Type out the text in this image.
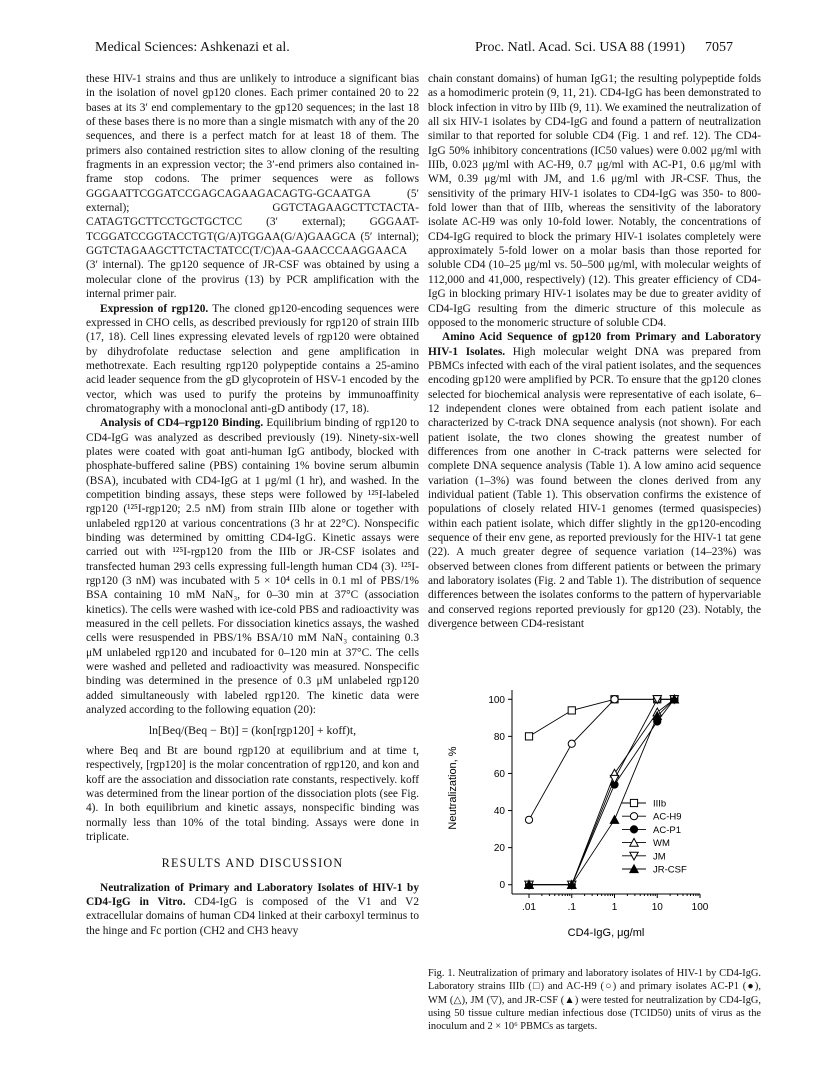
Medical Sciences: Ashkenazi et al.	Proc. Natl. Acad. Sci. USA 88 (1991) 7057

these HIV-1 strains and thus are unlikely to introduce a significant bias in the isolation of novel gp120 clones. Each primer contained 20 to 22 bases at its 3′ end complementary to the gp120 sequences; in the last 18 of these bases there is no more than a single mismatch with any of the 20 sequences, and there is a perfect match for at least 18 of them. The primers also contained restriction sites to allow cloning of the resulting fragments in an expression vector; the 3′-end primers also contained in-frame stop codons. The primer sequences were as follows GGGAATTCGGATCCGAGCAGAAGACAGTG-GCAATGA (5′ external); GGTCTAGAAGCTTCTACTA-CATAGTGCTTCCTGCTGCTCC (3′ external); GGGAAT-TCGGATCCGGTACCTGT(G/A)TGGAA(G/A)GAAGCA (5′ internal); GGTCTAGAAGCTTCTACTATCC(T/C)AA-GAACCCAAGGAACA (3′ internal). The gp120 sequence of JR-CSF was obtained by using a molecular clone of the provirus (13) by PCR amplification with the internal primer pair.

Expression of rgp120. The cloned gp120-encoding sequences were expressed in CHO cells, as described previously for rgp120 of strain IIIb (17, 18). Cell lines expressing elevated levels of rgp120 were obtained by dihydrofolate reductase selection and gene amplification in methotrexate. Each resulting rgp120 polypeptide contains a 25-amino acid leader sequence from the gD glycoprotein of HSV-1 encoded by the vector, which was used to purify the proteins by immunoaffinity chromatography with a monoclonal anti-gD antibody (17, 18).

Analysis of CD4–rgp120 Binding. Equilibrium binding of rgp120 to CD4-IgG was analyzed as described previously (19). Ninety-six-well plates were coated with goat anti-human IgG antibody, blocked with phosphate-buffered saline (PBS) containing 1% bovine serum albumin (BSA), incubated with CD4-IgG at 1 μg/ml (1 hr), and washed. In the competition binding assays, these steps were followed by ¹²⁵I-labeled rgp120 (¹²⁵I-rgp120; 2.5 nM) from strain IIIb alone or together with unlabeled rgp120 at various concentrations (3 hr at 22°C). Nonspecific binding was determined by omitting CD4-IgG. Kinetic assays were carried out with ¹²⁵I-rgp120 from the IIIb or JR-CSF isolates and transfected human 293 cells expressing full-length human CD4 (3). ¹²⁵I-rgp120 (3 nM) was incubated with 5 × 10⁴ cells in 0.1 ml of PBS/1% BSA containing 10 mM NaN₃, for 0–30 min at 37°C (association kinetics). The cells were washed with ice-cold PBS and radioactivity was measured in the cell pellets. For dissociation kinetics assays, the washed cells were resuspended in PBS/1% BSA/10 mM NaN₃ containing 0.3 μM unlabeled rgp120 and incubated for 0–120 min at 37°C. The cells were washed and pelleted and radioactivity was measured. Nonspecific binding was determined in the presence of 0.3 μM unlabeled rgp120 added simultaneously with labeled rgp120. The kinetic data were analyzed according to the following equation (20):

ln[Beq/(Beq − Bt)] = (kon[rgp120] + koff)t,

where Beq and Bt are bound rgp120 at equilibrium and at time t, respectively, [rgp120] is the molar concentration of rgp120, and kon and koff are the association and dissociation rate constants, respectively. koff was determined from the linear portion of the dissociation plots (see Fig. 4). In both equilibrium and kinetic assays, nonspecific binding was normally less than 10% of the total binding. Assays were done in triplicate.

RESULTS AND DISCUSSION

Neutralization of Primary and Laboratory Isolates of HIV-1 by CD4-IgG in Vitro. CD4-IgG is composed of the V1 and V2 extracellular domains of human CD4 linked at their carboxyl terminus to the hinge and Fc portion (CH2 and CH3 heavy

chain constant domains) of human IgG1; the resulting polypeptide folds as a homodimeric protein (9, 11, 21). CD4-IgG has been demonstrated to block infection in vitro by IIIb (9, 11). We examined the neutralization of all six HIV-1 isolates by CD4-IgG and found a pattern of neutralization similar to that reported for soluble CD4 (Fig. 1 and ref. 12). The CD4-IgG 50% inhibitory concentrations (IC50 values) were 0.002 μg/ml with IIIb, 0.023 μg/ml with AC-H9, 0.7 μg/ml with AC-P1, 0.6 μg/ml with WM, 0.39 μg/ml with JM, and 1.6 μg/ml with JR-CSF. Thus, the sensitivity of the primary HIV-1 isolates to CD4-IgG was 350- to 800-fold lower than that of IIIb, whereas the sensitivity of the laboratory isolate AC-H9 was only 10-fold lower. Notably, the concentrations of CD4-IgG required to block the primary HIV-1 isolates completely were approximately 5-fold lower on a molar basis than those reported for soluble CD4 (10–25 μg/ml vs. 50–500 μg/ml, with molecular weights of 112,000 and 41,000, respectively) (12). This greater efficiency of CD4-IgG in blocking primary HIV-1 isolates may be due to greater avidity of CD4-IgG resulting from the dimeric structure of this molecule as opposed to the monomeric structure of soluble CD4.

Amino Acid Sequence of gp120 from Primary and Laboratory HIV-1 Isolates. High molecular weight DNA was prepared from PBMCs infected with each of the viral patient isolates, and the sequences encoding gp120 were amplified by PCR. To ensure that the gp120 clones selected for biochemical analysis were representative of each isolate, 6–12 independent clones were obtained from each patient isolate and characterized by C-track DNA sequence analysis (not shown). For each patient isolate, the two clones showing the greatest number of differences from one another in C-track patterns were selected for complete DNA sequence analysis (Table 1). A low amino acid sequence variation (1–3%) was found between the clones derived from any individual patient (Table 1). This observation confirms the existence of populations of closely related HIV-1 genomes (termed quasispecies) within each patient isolate, which differ slightly in the gp120-encoding sequence of their env gene, as reported previously for the HIV-1 tat gene (22). A much greater degree of sequence variation (14–23%) was observed between clones from different patients or between the primary and laboratory isolates (Fig. 2 and Table 1). The distribution of sequence differences between the isolates conforms to the pattern of hypervariable and conserved regions reported previously for gp120 (23). Notably, the divergence between CD4-resistant

Neutralization, %
CD4-IgG, μg/ml
.01	.1	1	10	100
0
20
40
60
80
100
IIIb
AC-H9
AC-P1
WM
JM
JR-CSF
Fig. 1. Neutralization of primary and laboratory isolates of HIV-1 by CD4-IgG. Laboratory strains IIIb (□) and AC-H9 (○) and primary isolates AC-P1 (●), WM (△), JM (▽), and JR-CSF (▲) were tested for neutralization by CD4-IgG, using 50 tissue culture median infectious dose (TCID50) units of virus as the inoculum and 2 × 10⁶ PBMCs as targets.
